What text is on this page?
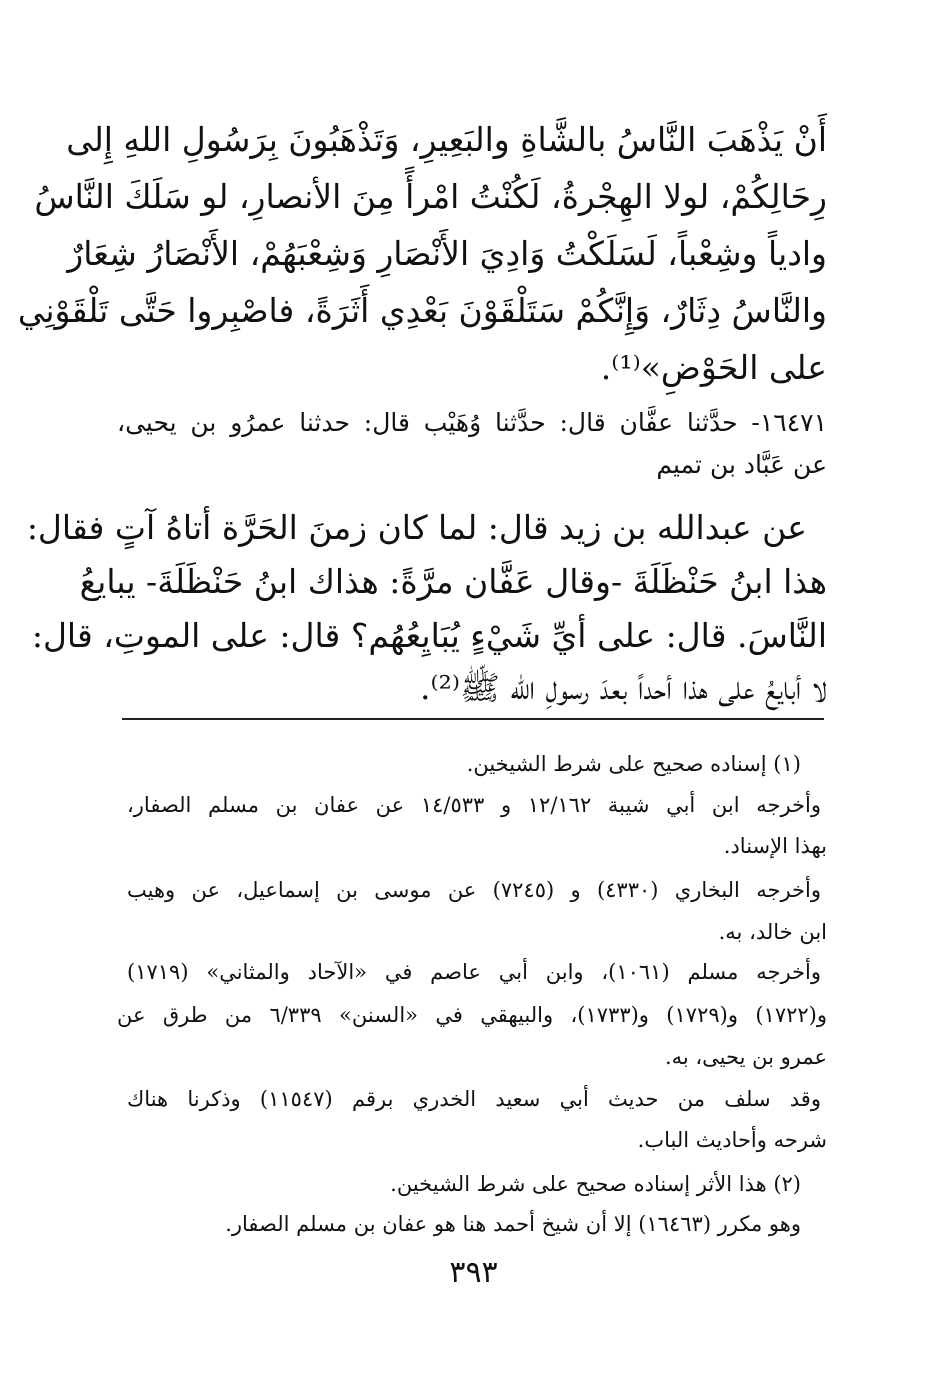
أَنْ يَذْهَبَ النَّاسُ بالشَّاةِ والبَعِيرِ، وَتَذْهَبُونَ بِرَسُولِ اللهِ إِلى
رِحَالِكُمْ، لولا الهِجْرةُ، لَكُنْتُ امْرأً مِنَ الأنصارِ، لو سَلَكَ النَّاسُ
وادياً وشِعْباً، لَسَلَكْتُ وَادِيَ الأَنْصَارِ وَشِعْبَهُمْ، الأَنْصَارُ شِعَارٌ
والنَّاسُ دِثَارٌ، وَإِنَّكُمْ سَتَلْقَوْنَ بَعْدِي أَثَرَةً، فاصْبِروا حَتَّى تَلْقَوْنِي
على الحَوْضِ»⁽¹⁾.
١٦٤٧١- حدَّثنا عفَّان قال: حدَّثنا وُهَيْب قال: حدثنا عمرُو بن يحيى،
عن عَبَّاد بن تميم
عن عبدالله بن زيد قال: لما كان زمنَ الحَرَّة أتاهُ آتٍ فقال:
هذا ابنُ حَنْظَلَةَ -وقال عَفَّان مرَّةً: هذاك ابنُ حَنْظَلَةَ- يبايعُ
النَّاسَ. قال: على أيِّ شَيْءٍ يُبَايِعُهُم؟ قال: على الموتِ، قال:
لا أبايعُ على هذا أحداً بعدَ رسولِ الله ﷺ⁽²⁾.
(١) إسناده صحيح على شرط الشيخين.
وأخرجه ابن أبي شيبة ١٢/١٦٢ و ١٤/٥٣٣ عن عفان بن مسلم الصفار،
بهذا الإسناد.
وأخرجه البخاري (٤٣٣٠) و (٧٢٤٥) عن موسى بن إسماعيل، عن وهيب
ابن خالد، به.
وأخرجه مسلم (١٠٦١)، وابن أبي عاصم في «الآحاد والمثاني» (١٧١٩)
و(١٧٢٢) و(١٧٢٩) و(١٧٣٣)، والبيهقي في «السنن» ٦/٣٣٩ من طرق عن
عمرو بن يحيى، به.
وقد سلف من حديث أبي سعيد الخدري برقم (١١٥٤٧) وذكرنا هناك
شرحه وأحاديث الباب.
(٢) هذا الأثر إسناده صحيح على شرط الشيخين.
وهو مكرر (١٦٤٦٣) إلا أن شيخ أحمد هنا هو عفان بن مسلم الصفار.
٣٩٣
